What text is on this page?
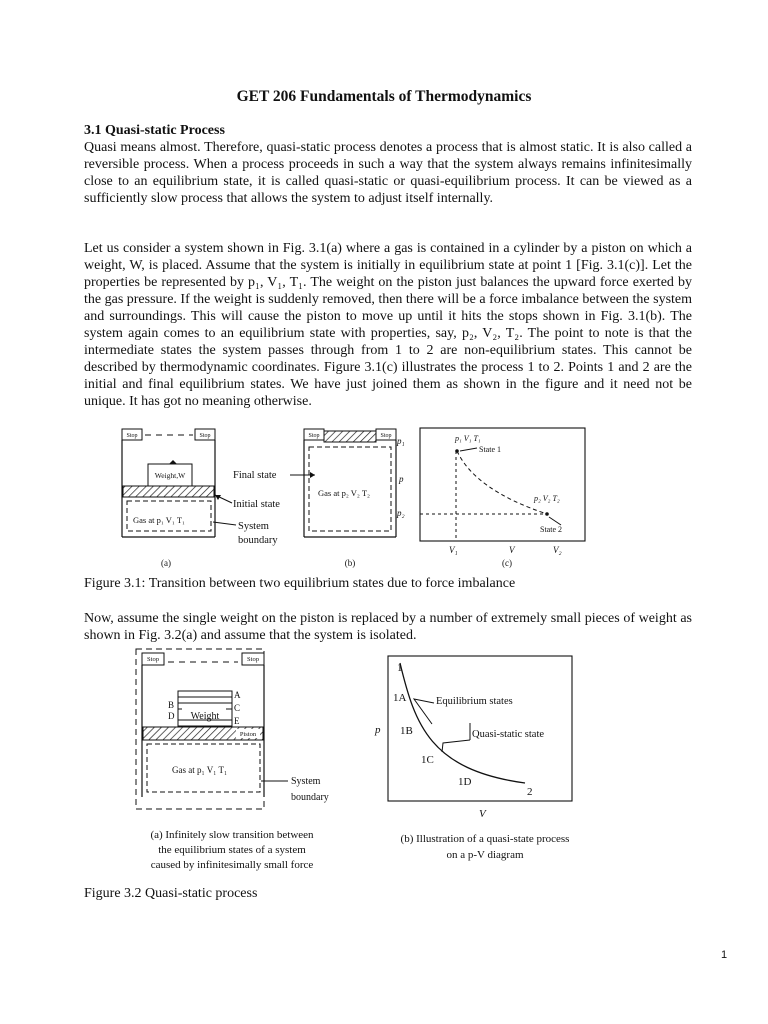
GET 206 Fundamentals of Thermodynamics
3.1 Quasi-static Process

Quasi means almost. Therefore, quasi-static process denotes a process that is almost static. It is also called a reversible process. When a process proceeds in such a way that the system always remains infinitesimally close to an equilibrium state, it is called quasi-static or quasi-equilibrium process. It can be viewed as a sufficiently slow process that allows the system to adjust itself internally.

Let us consider a system shown in Fig. 3.1(a) where a gas is contained in a cylinder by a piston on which a weight, W, is placed. Assume that the system is initially in equilibrium state at point 1 [Fig. 3.1(c)]. Let the properties be represented by p₁, V₁, T₁. The weight on the piston just balances the upward force exerted by the gas pressure. If the weight is suddenly removed, then there will be a force imbalance between the system and surroundings. This will cause the piston to move up until it hits the stops shown in Fig. 3.1(b). The system again comes to an equilibrium state with properties, say, p₂, V₂, T₂. The point to note is that the intermediate states the system passes through from 1 to 2 are non-equilibrium states. This cannot be described by thermodynamic coordinates. Figure 3.1(c) illustrates the process 1 to 2. Points 1 and 2 are the initial and final equilibrium states. We have just joined them as shown in the figure and it need not be unique. It has got no meaning otherwise.

Stop	Stop
Weight,W
Gas at p₁ V₁ T₁
(a)
Final state
Initial state
System
boundary
Stop	Stop
Gas at p₂ V₂ T₂
(b)
p₁
p
p₂
V₁	V	V₂
(c)
p₁ V₁ T₁
State 1
p₂ V₂ T₂
State 2

Figure 3.1: Transition between two equilibrium states due to force imbalance

Now, assume the single weight on the piston is replaced by a number of extremely small pieces of weight as shown in Fig. 3.2(a) and assume that the system is isolated.

Stop	Stop
Weight
A
C
E
B
D
Piston
Gas at p₁ V₁ T₁
System
boundary
(a) Infinitely slow transition between
the equilibrium states of a system
caused by infinitesimally small force
1
1A
1B
1C
1D
2
Equilibrium states
Quasi-static state
p
V
(b) Illustration of a quasi-state process
on a p-V diagram

Figure 3.2 Quasi-static process

1
